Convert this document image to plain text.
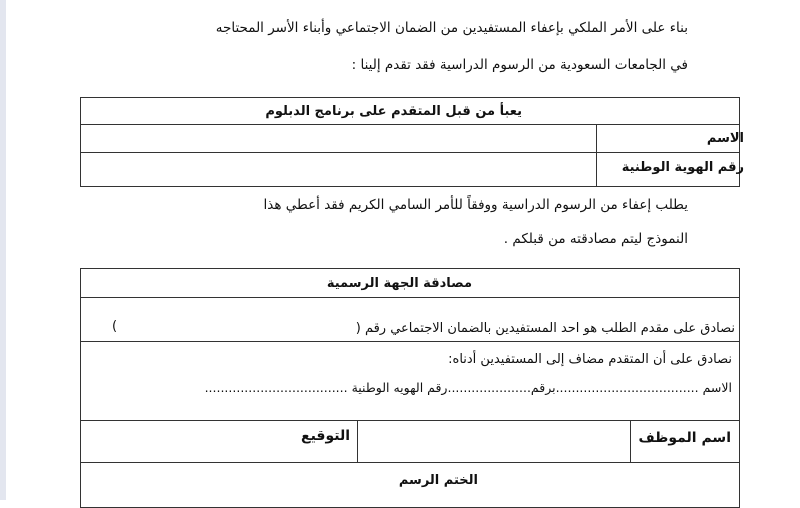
بناء على الأمر الملكي بإعفاء المستفيدين من الضمان الاجتماعي وأبناء الأسر المحتاجه
في الجامعات السعودية من الرسوم الدراسية فقد تقدم إلينا :
يعبأ من قبل المتقدم على برنامج الدبلوم
الاسم
رقم الهوية الوطنية
يطلب إعفاء من الرسوم الدراسية ووفقاً للأمر السامي الكريم فقد أعطي هذا
النموذج ليتم مصادقته من قبلكم .
مصادقة الجهة الرسمية
نصادق على مقدم الطلب هو احد المستفيدين بالضمان الاجتماعي رقم (
)
نصادق على أن المتقدم مضاف إلى المستفيدين أدناه:
الاسم ....................................برقم.....................رقم الهويه الوطنية ....................................
اسم الموظف
التوقيع
الختم الرسم
